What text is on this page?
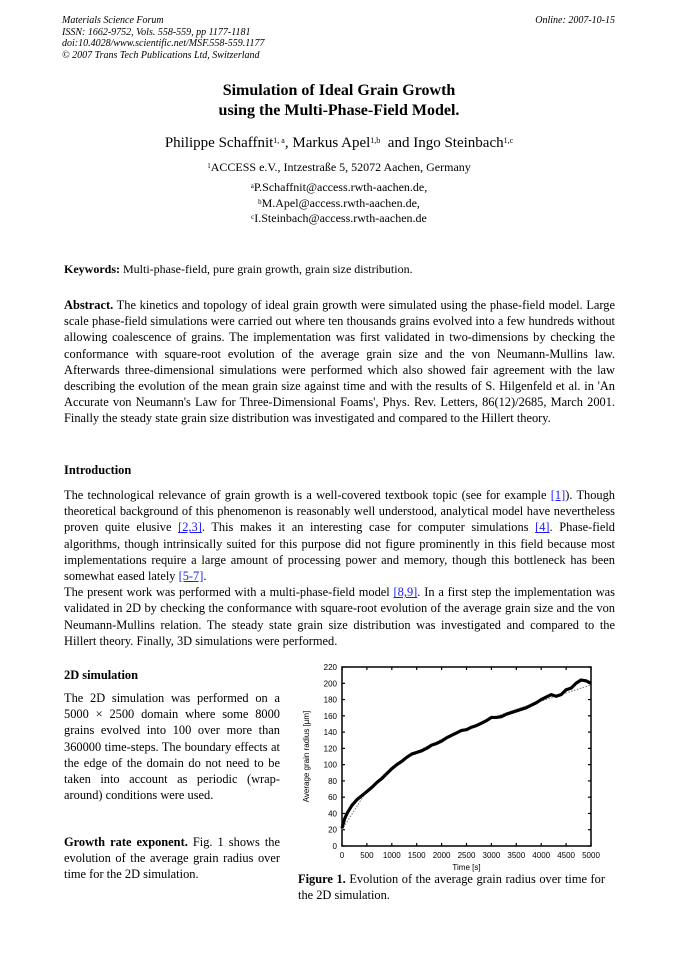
Materials Science Forum
ISSN: 1662-9752, Vols. 558-559, pp 1177-1181
doi:10.4028/www.scientific.net/MSF.558-559.1177
© 2007 Trans Tech Publications Ltd, Switzerland
Online: 2007-10-15
Simulation of Ideal Grain Growth
using the Multi-Phase-Field Model.
Philippe Schaffnit$^{1, a}$, Markus Apel$^{1,b}$  and Ingo Steinbach$^{1,c}$
$^1$ACCESS e.V., Intzestraße 5, 52072 Aachen, Germany
$^a$P.Schaffnit@access.rwth-aachen.de,
$^b$M.Apel@access.rwth-aachen.de,
$^c$I.Steinbach@access.rwth-aachen.de
Keywords: Multi-phase-field, pure grain growth, grain size distribution.
Abstract. The kinetics and topology of ideal grain growth were simulated using the phase-field model. Large scale phase-field simulations were carried out where ten thousands grains evolved into a few hundreds without allowing coalescence of grains. The implementation was first validated in two-dimensions by checking the conformance with square-root evolution of the average grain size and the von Neumann-Mullins law. Afterwards three-dimensional simulations were performed which also showed fair agreement with the law describing the evolution of the mean grain size against time and with the results of S. Hilgenfeld et al. in 'An Accurate von Neumann's Law for Three-Dimensional Foams', Phys. Rev. Letters, 86(12)/2685, March 2001. Finally the steady state grain size distribution was investigated and compared to the Hillert theory.
Introduction
The technological relevance of grain growth is a well-covered textbook topic (see for example [1]). Though theoretical background of this phenomenon is reasonably well understood, analytical model have nevertheless proven quite elusive [2,3]. This makes it an interesting case for computer simulations [4]. Phase-field algorithms, though intrinsically suited for this purpose did not figure prominently in this field because most implementations require a large amount of processing power and memory, though this bottleneck has been somewhat eased lately [5-7].
The present work was performed with a multi-phase-field model [8,9]. In a first step the implementation was validated in 2D by checking the conformance with square-root evolution of the average grain size and the von Neumann-Mullins relation. The steady state grain size distribution was investigated and compared to the Hillert theory. Finally, 3D simulations were performed.
2D simulation
The 2D simulation was performed on a 5000 × 2500 domain where some 8000 grains evolved into 100 over more than 360000 time-steps. The boundary effects at the edge of the domain do not need to be taken into account as periodic (wrap-around) conditions were used.
Growth rate exponent. Fig. 1 shows the evolution of the average grain radius over time for the 2D simulation.
0 500 1000 1500 2000 2500 3000 3500 4000 4500 5000
0
20
40
60
80
100
120
140
160
180
200
220
Time [s]
Average grain radius [µm]
Figure 1. Evolution of the average grain radius over time for the 2D simulation.
